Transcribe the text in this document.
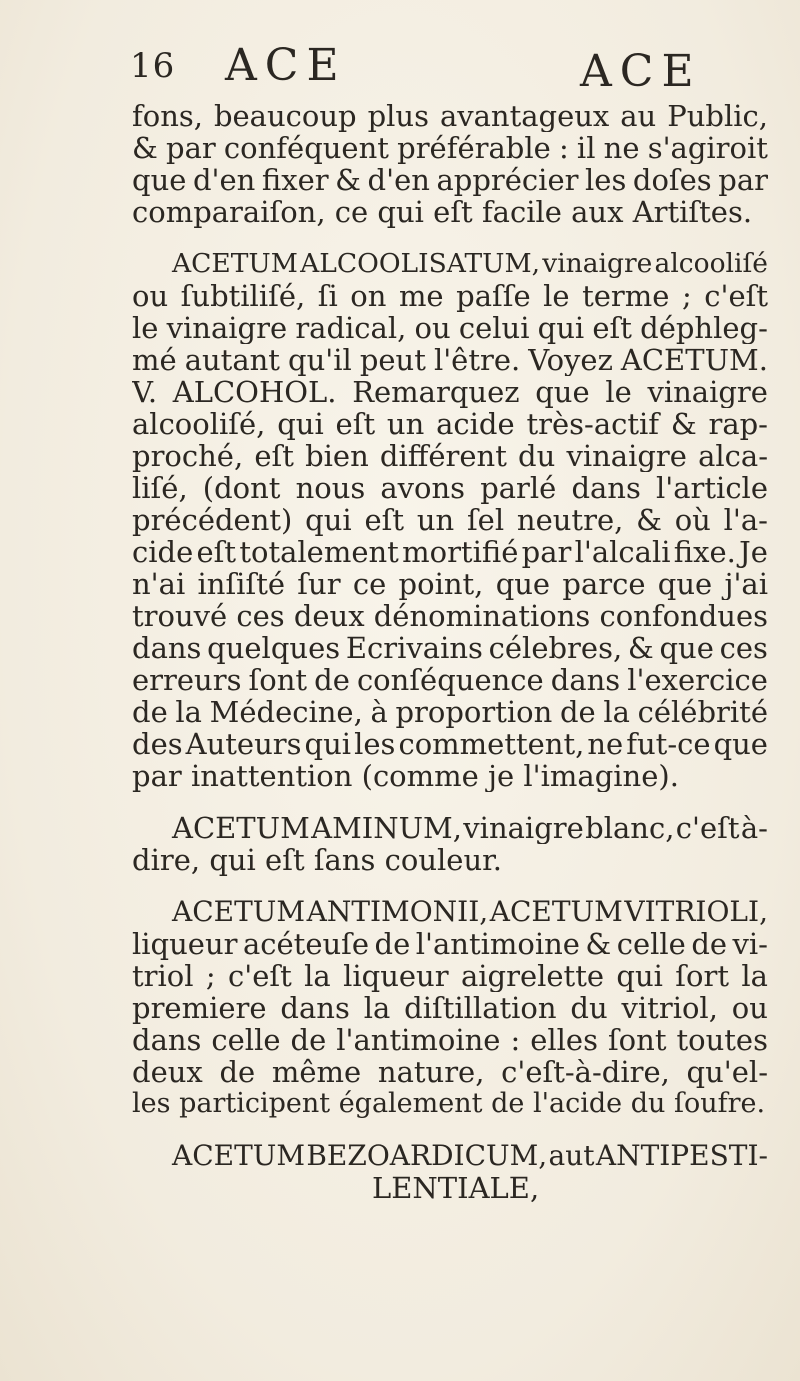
16 ACE	ACE
fons, beaucoup plus avantageux au Public,
& par conféquent préférable : il ne s'agiroit
que d'en fixer & d'en apprécier les doſes par
comparaiſon, ce qui eſt facile aux Artiſtes.
ACETUM ALCOOLISATUM, vinaigre alcooliſé
ou ſubtiliſé, ſi on me paſſe le terme ; c'eſt
le vinaigre radical, ou celui qui eſt déphleg-
mé autant qu'il peut l'être. Voyez ACETUM.
V. ALCOHOL. Remarquez que le vinaigre
alcooliſé, qui eſt un acide très-actif & rap-
proché, eſt bien différent du vinaigre alca-
liſé, (dont nous avons parlé dans l'article
précédent) qui eſt un ſel neutre, & où l'a-
cide eſt totalement mortifié par l'alcali fixe. Je
n'ai inſiſté ſur ce point, que parce que j'ai
trouvé ces deux dénominations confondues
dans quelques Ecrivains célebres, & que ces
erreurs ſont de conſéquence dans l'exercice
de la Médecine, à proportion de la célébrité
des Auteurs qui les commettent, ne fut-ce que
par inattention (comme je l'imagine).
ACETUM AMINUM, vinaigre blanc, c'eſt à-
dire, qui eſt ſans couleur.
ACETUM ANTIMONII, ACETUM VITRIOLI,
liqueur acéteuſe de l'antimoine & celle de vi-
triol ; c'eſt la liqueur aigrelette qui ſort la
premiere dans la diſtillation du vitriol, ou
dans celle de l'antimoine : elles ſont toutes
deux de même nature, c'eſt-à-dire, qu'el-
les participent également de l'acide du ſoufre.
ACETUM BEZOARDICUM, aut ANTIPESTI-
LENTIALE,
